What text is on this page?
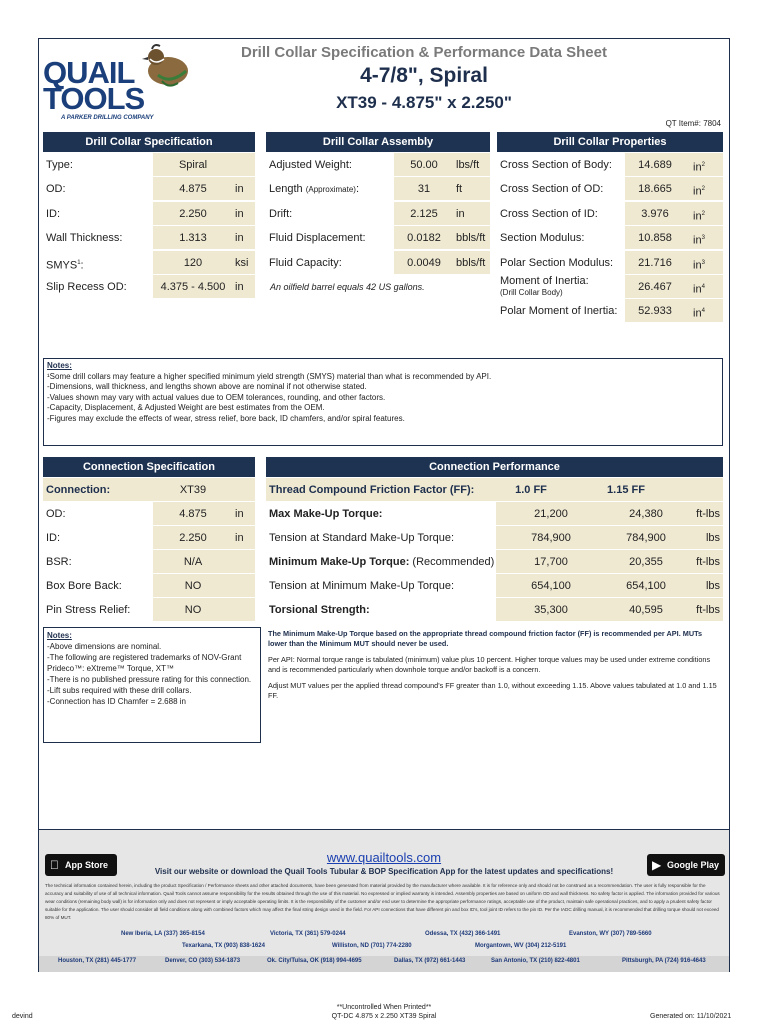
QUAIL
TOOLS
A PARKER DRILLING COMPANY
Drill Collar Specification & Performance Data Sheet
4-7/8", Spiral
XT39 - 4.875" x 2.250"
QT Item#: 7804
Drill Collar Specification
Type:	Spiral
OD:	4.875	in
ID:	2.250	in
Wall Thickness:	1.313	in
SMYS$^1$:	120	ksi
Slip Recess OD:	4.375 - 4.500 in
Drill Collar Assembly
Adjusted Weight:	50.00	lbs/ft
Length (Approximate):	31	ft
Drift:	2.125	in
Fluid Displacement:	0.0182	bbls/ft
Fluid Capacity:	0.0049	bbls/ft
An oilfield barrel equals 42 US gallons.
Drill Collar Properties
Cross Section of Body:	14.689	$in^2$
Cross Section of OD:	18.665	$in^2$
Cross Section of ID:	3.976	$in^2$
Section Modulus:	10.858	$in^3$
Polar Section Modulus:	21.716	$in^3$
Moment of Inertia:
(Drill Collar Body)	26.467	$in^4$
Polar Moment of Inertia:	52.933	$in^4$
Notes:
¹Some drill collars may feature a higher specified minimum yield strength (SMYS) material than what is recommended by API.
-Dimensions, wall thickness, and lengths shown above are nominal if not otherwise stated.
-Values shown may vary with actual values due to OEM tolerances, rounding, and other factors.
-Capacity, Displacement, & Adjusted Weight are best estimates from the OEM.
-Figures may exclude the effects of wear, stress relief, bore back, ID chamfers, and/or spiral features.
Connection Specification
Connection:	XT39
OD:	4.875	in
ID:	2.250	in
BSR:	N/A
Box Bore Back:	NO
Pin Stress Relief:	NO
Connection Performance
Thread Compound Friction Factor (FF):	1.0 FF	1.15 FF
Max Make-Up Torque:	21,200	24,380	ft-lbs
Tension at Standard Make-Up Torque:	784,900	784,900	lbs
Minimum Make-Up Torque: (Recommended)	17,700	20,355	ft-lbs
Tension at Minimum Make-Up Torque:	654,100	654,100	lbs
Torsional Strength:	35,300	40,595	ft-lbs
Notes:
-Above dimensions are nominal.
-The following are registered trademarks of NOV-Grant Prideco™: eXtreme™ Torque, XT™
-There is no published pressure rating for this connection.
-Lift subs required with these drill collars.
-Connection has ID Chamfer = 2.688 in

The Minimum Make-Up Torque based on the appropriate thread compound friction factor (FF) is recommended per API. MUTs lower than the Minimum MUT should never be used.

Per API: Normal torque range is tabulated (minimum) value plus 10 percent. Higher torque values may be used under extreme conditions and is recommended particularly when downhole torque and/or backoff is a concern.

Adjust MUT values per the applied thread compound's FF greater than 1.0, without exceeding 1.15. Above values tabulated at 1.0 and 1.15 FF.

App Store	▶ Google Play
www.quailtools.com
Visit our website or download the Quail Tools Tubular & BOP Specification App for the latest updates and specifications!
The technical information contained herein, including the product Specification / Performance sheets and other attached documents, have been generated from material provided by the manufacturer where available. It is for reference only and should not be construed as a recommendation. The user is fully responsible for the accuracy and suitability of use of all technical information. Quail Tools cannot assume responsibility for the results obtained through the use of this material. No expressed or implied warranty is intended. Assembly properties are based on uniform OD and wall thickness. No safety factor is applied. The information provided for various wear conditions (remaining body wall) is for information only and does not represent or imply acceptable operating limits. It is the responsibility of the customer and/or end user to determine the appropriate performance ratings, acceptable use of the product, maintain safe operational practices, and to apply a prudent safety factor suitable for the application. The user should consider all field conditions along with combined factors which may affect the final string design used in the field. For API connections that have different pin and box ID's, tool joint ID refers to the pin ID. Per the IADC drilling manual, it is recommended that drilling torque should not exceed 80% of MUT.
New Iberia, LA (337) 365-8154	Victoria, TX (361) 579-0244	Odessa, TX (432) 366-1491	Evanston, WY (307) 789-5660
Texarkana, TX (903) 838-1624	Williston, ND (701) 774-2280	Morgantown, WV (304) 212-5191
Houston, TX (281) 445-1777	Denver, CO (303) 534-1873	Ok. City/Tulsa, OK (918) 994-4695	Dallas, TX (972) 661-1443	San Antonio, TX (210) 822-4801	Pittsburgh, PA (724) 916-4643
devind
**Uncontrolled When Printed**
QT-DC 4.875 x 2.250 XT39 Spiral	Generated on: 11/10/2021
